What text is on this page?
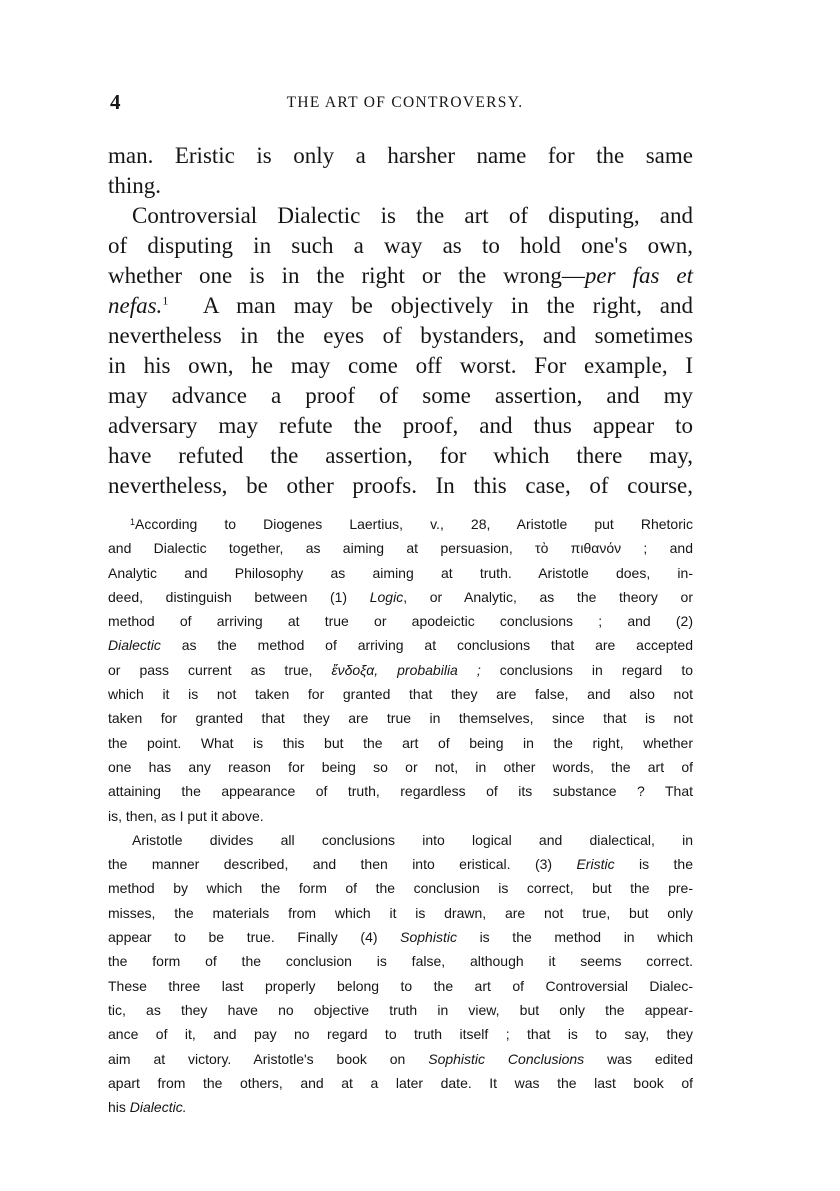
4	THE ART OF CONTROVERSY.
man. Eristic is only a harsher name for the same
thing.
Controversial Dialectic is the art of disputing, and
of disputing in such a way as to hold one's own,
whether one is in the right or the wrong—per fas et
nefas.$^1$ A man may be objectively in the right, and
nevertheless in the eyes of bystanders, and sometimes
in his own, he may come off worst. For example, I
may advance a proof of some assertion, and my
adversary may refute the proof, and thus appear to
have refuted the assertion, for which there may,
nevertheless, be other proofs. In this case, of course,
$^1$According to Diogenes Laertius, v., 28, Aristotle put Rhetoric
and Dialectic together, as aiming at persuasion, τὸ πιθανόν ; and
Analytic and Philosophy as aiming at truth. Aristotle does, in-
deed, distinguish between (1) Logic, or Analytic, as the theory or
method of arriving at true or apodeictic conclusions ; and (2)
Dialectic as the method of arriving at conclusions that are accepted
or pass current as true, ἔνδοξα, probabilia ; conclusions in regard to
which it is not taken for granted that they are false, and also not
taken for granted that they are true in themselves, since that is not
the point. What is this but the art of being in the right, whether
one has any reason for being so or not, in other words, the art of
attaining the appearance of truth, regardless of its substance ? That
is, then, as I put it above.
Aristotle divides all conclusions into logical and dialectical, in
the manner described, and then into eristical. (3) Eristic is the
method by which the form of the conclusion is correct, but the pre-
misses, the materials from which it is drawn, are not true, but only
appear to be true. Finally (4) Sophistic is the method in which
the form of the conclusion is false, although it seems correct.
These three last properly belong to the art of Controversial Dialec-
tic, as they have no objective truth in view, but only the appear-
ance of it, and pay no regard to truth itself ; that is to say, they
aim at victory. Aristotle's book on Sophistic Conclusions was edited
apart from the others, and at a later date. It was the last book of
his Dialectic.
